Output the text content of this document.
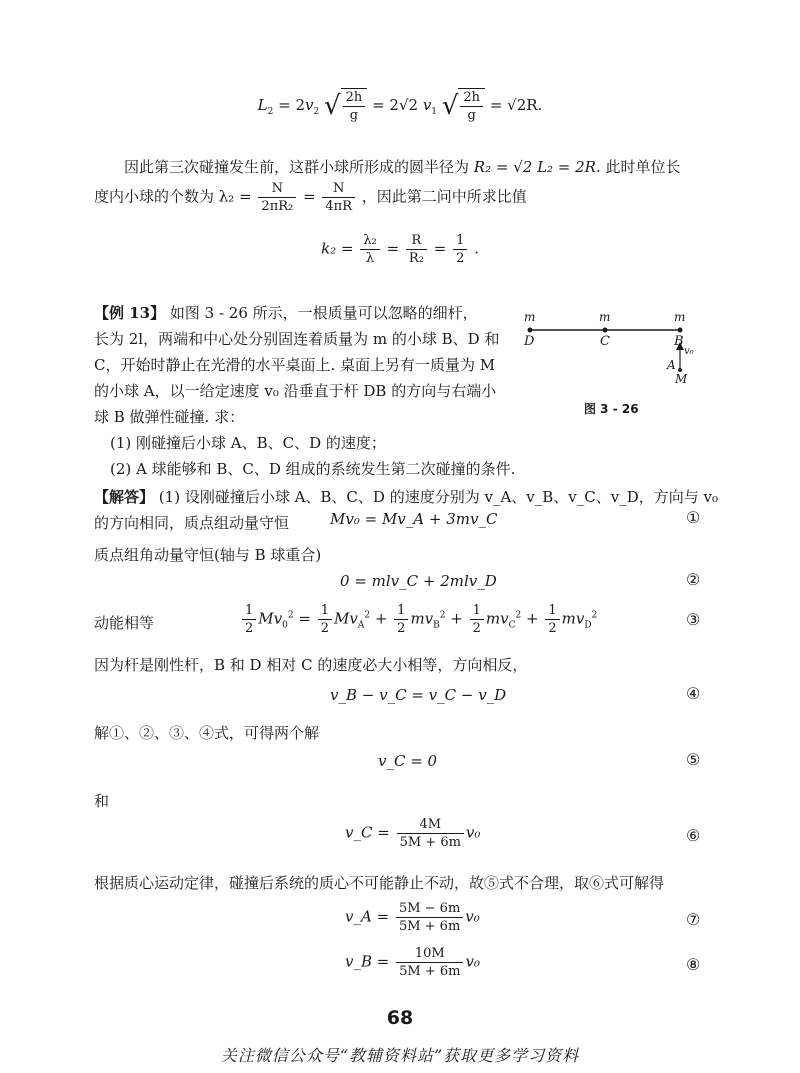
$L_2 = 2v_2$ √ $\frac{2h}{g} = 2√2$ $v_1$ √ $\frac{2h}{g} = √2R$.
因此第三次碰撞发生前，这群小球所形成的圆半径为 R₂ = √2 L₂ = 2R. 此时单位长
度内小球的个数为 $\lambda_2 = \frac{N}{\text{2πR₂}} = \frac{N}{4\pi R}$ ，因此第二问中所求比值
$k_2 = \frac{\text{λ₂}}{\lambda} = \frac{R}{\text{R₂}} = \frac{1}{2}$ .
【例 13】 如图 3 - 26 所示，一根质量可以忽略的细杆，
长为 2l，两端和中心处分别固连着质量为 m 的小球 B、D 和
C，开始时静止在光滑的水平桌面上. 桌面上另有一质量为 M
的小球 A，以一给定速度 v₀ 沿垂直于杆 DB 的方向与右端小
球 B 做弹性碰撞. 求：
(1) 刚碰撞后小球 A、B、C、D 的速度；
(2) A 球能够和 B、C、D 组成的系统发生第二次碰撞的条件.
m	m	m
D	C	B
A
v₀
M
图 3 - 26
【解答】 (1) 设刚碰撞后小球 A、B、C、D 的速度分别为 v_A、v_B、v_C、v_D，方向与 v₀
的方向相同，质点组动量守恒	Mv₀ = Mv_A + 3mv_C	①
质点组角动量守恒(轴与 B 球重合)
0 = mlv_C + 2mlv_D	②
动能相等	$\frac{1}{2} Mv_0^2 = \frac{1}{2} Mv_A^2 + \frac{1}{2} mv_B^2 + \frac{1}{2} mv_C^2 + \frac{1}{2} mv_D^2$	③
因为杆是刚性杆，B 和 D 相对 C 的速度必大小相等，方向相反，
v_B − v_C = v_C − v_D	④
解①、②、③、④式，可得两个解
v_C = 0	⑤
和
v_C = $\frac{4M}{5M + 6m} v_0$	⑥
根据质心运动定律，碰撞后系统的质心不可能静止不动，故⑤式不合理，取⑥式可解得
v_A = $\frac{5M - 6m}{5M + 6m} v_0$	⑦
v_B = $\frac{10M}{5M + 6m} v_0$	⑧
68
关注微信公众号“教辅资料站”获取更多学习资料
